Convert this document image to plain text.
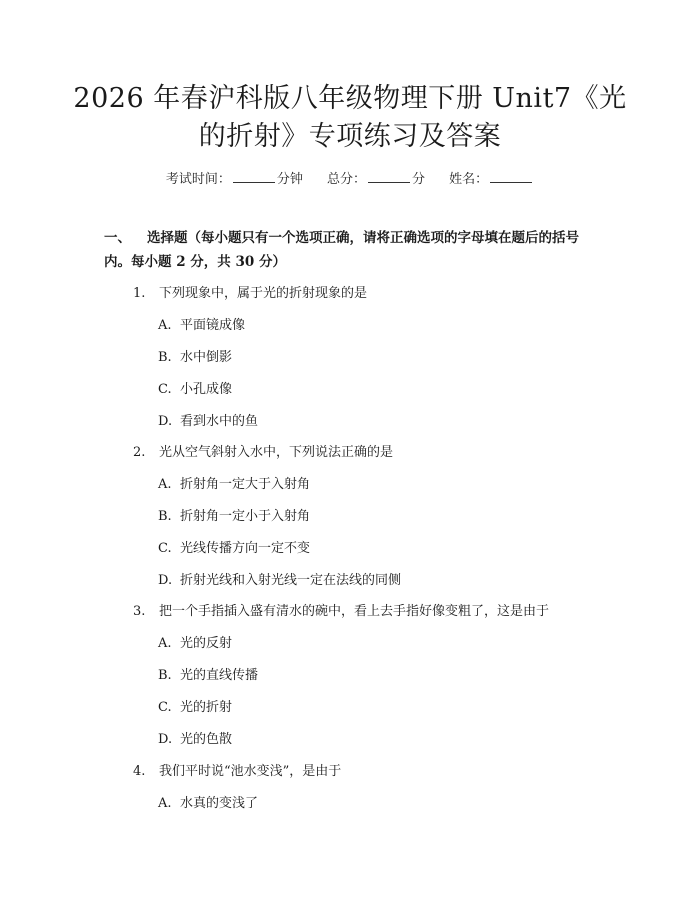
2026 年春沪科版八年级物理下册 Unit7《光
的折射》专项练习及答案
考试时间：	分钟 总分：	分 姓名：
一、 选择题（每小题只有一个选项正确，请将正确选项的字母填在题后的括号内。每小题 2 分，共 30 分）
1. 下列现象中，属于光的折射现象的是
A. 平面镜成像
B. 水中倒影
C. 小孔成像
D. 看到水中的鱼
2. 光从空气斜射入水中，下列说法正确的是
A. 折射角一定大于入射角
B. 折射角一定小于入射角
C. 光线传播方向一定不变
D. 折射光线和入射光线一定在法线的同侧
3. 把一个手指插入盛有清水的碗中，看上去手指好像变粗了，这是由于
A. 光的反射
B. 光的直线传播
C. 光的折射
D. 光的色散
4. 我们平时说“池水变浅”，是由于
A. 水真的变浅了
